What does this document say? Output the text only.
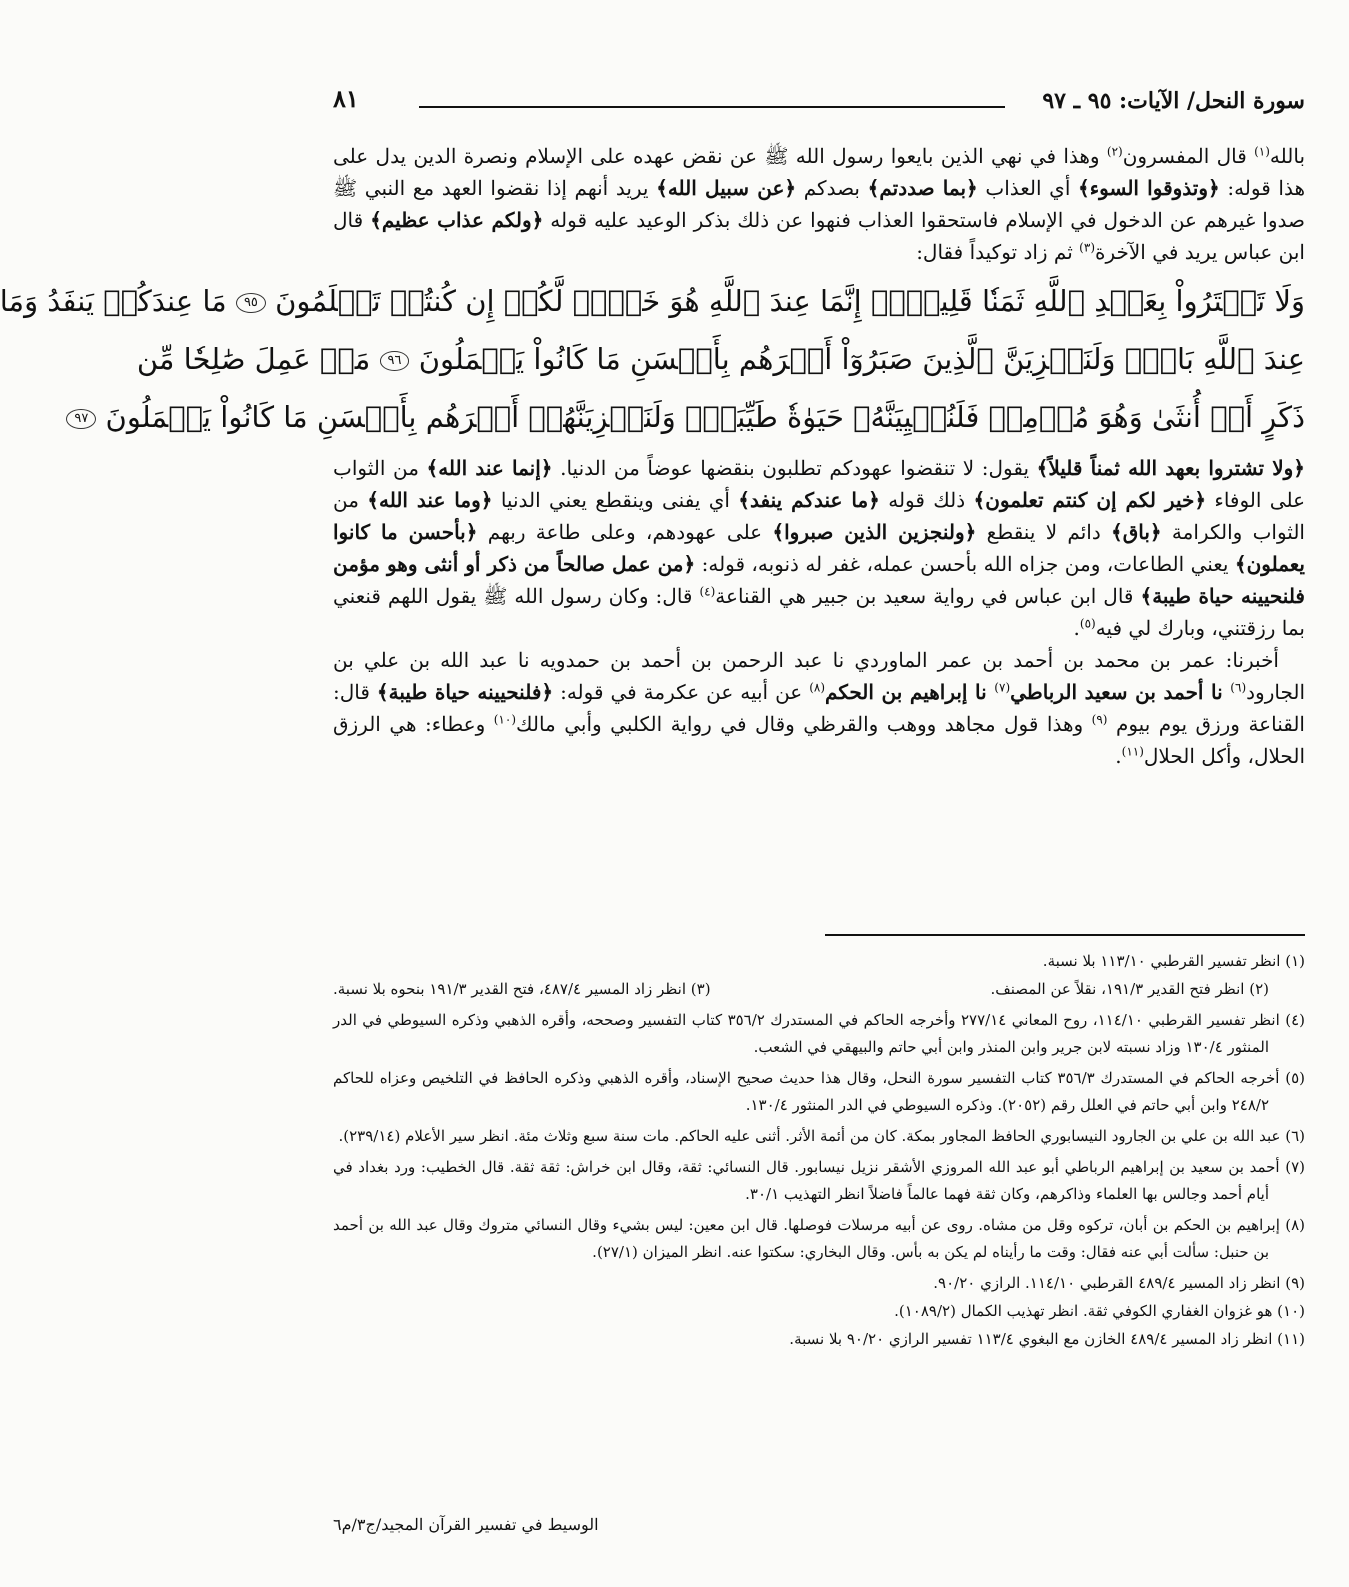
سورة النحل/ الآيات: ٩٥ ـ ٩٧
٨١

بالله$^{(١)}$ قال المفسرون$^{(٢)}$ وهذا في نهي الذين بايعوا رسول الله ﷺ عن نقض عهده على الإسلام ونصرة الدين يدل على هذا قوله: ﴿وتذوقوا السوء﴾ أي العذاب ﴿بما صددتم﴾ بصدكم ﴿عن سبيل الله﴾ يريد أنهم إذا نقضوا العهد مع النبي ﷺ صدوا غيرهم عن الدخول في الإسلام فاستحقوا العذاب فنهوا عن ذلك بذكر الوعيد عليه قوله ﴿ولكم عذاب عظيم﴾ قال ابن عباس يريد في الآخرة$^{(٣)}$ ثم زاد توكيداً فقال:

وَلَا تَشۡتَرُواْ بِعَهۡدِ ٱللَّهِ ثَمَنٗا قَلِيلًاۚ إِنَّمَا عِندَ ٱللَّهِ هُوَ خَيۡرٞ لَّكُمۡ إِن كُنتُمۡ تَعۡلَمُونَ ٩٥ مَا عِندَكُمۡ يَنفَدُ وَمَا
عِندَ ٱللَّهِ بَاقٖۗ وَلَنَجۡزِيَنَّ ٱلَّذِينَ صَبَرُوٓاْ أَجۡرَهُم بِأَحۡسَنِ مَا كَانُواْ يَعۡمَلُونَ ٩٦ مَنۡ عَمِلَ صَٰلِحٗا مِّن
ذَكَرٍ أَوۡ أُنثَىٰ وَهُوَ مُؤۡمِنٞ فَلَنُحۡيِيَنَّهُۥ حَيَوٰةٗ طَيِّبَةٗۖ وَلَنَجۡزِيَنَّهُمۡ أَجۡرَهُم بِأَحۡسَنِ مَا كَانُواْ يَعۡمَلُونَ ٩٧

﴿ولا تشتروا بعهد الله ثمناً قليلاً﴾ يقول: لا تنقضوا عهودكم تطلبون بنقضها عوضاً من الدنيا. ﴿إنما عند الله﴾ من الثواب على الوفاء ﴿خير لكم إن كنتم تعلمون﴾ ذلك قوله ﴿ما عندكم ينفد﴾ أي يفنى وينقطع يعني الدنيا ﴿وما عند الله﴾ من الثواب والكرامة ﴿باق﴾ دائم لا ينقطع ﴿ولنجزين الذين صبروا﴾ على عهودهم، وعلى طاعة ربهم ﴿بأحسن ما كانوا يعملون﴾ يعني الطاعات، ومن جزاه الله بأحسن عمله، غفر له ذنوبه، قوله: ﴿من عمل صالحاً من ذكر أو أنثى وهو مؤمن فلنحيينه حياة طيبة﴾ قال ابن عباس في رواية سعيد بن جبير هي القناعة$^{(٤)}$ قال: وكان رسول الله ﷺ يقول اللهم قنعني بما رزقتني، وبارك لي فيه$^{(٥)}$.

أخبرنا: عمر بن محمد بن أحمد بن عمر الماوردي نا عبد الرحمن بن أحمد بن حمدويه نا عبد الله بن علي بن الجارود$^{(٦)}$ نا أحمد بن سعيد الرباطي$^{(٧)}$ نا إبراهيم بن الحكم$^{(٨)}$ عن أبيه عن عكرمة في قوله: ﴿فلنحيينه حياة طيبة﴾ قال: القناعة ورزق يوم بيوم $^{(٩)}$ وهذا قول مجاهد ووهب والقرظي وقال في رواية الكلبي وأبي مالك$^{(١٠)}$ وعطاء: هي الرزق الحلال، وأكل الحلال$^{(١١)}$.

(١) انظر تفسير القرطبي ١١٣/١٠ بلا نسبة.

(٢) انظر فتح القدير ١٩١/٣، نقلاً عن المصنف.
(٣) انظر زاد المسير ٤٨٧/٤، فتح القدير ١٩١/٣ بنحوه بلا نسبة.

(٤) انظر تفسير القرطبي ١١٤/١٠، روح المعاني ٢٧٧/١٤ وأخرجه الحاكم في المستدرك ٣٥٦/٢ كتاب التفسير وصححه، وأقره الذهبي وذكره السيوطي في الدر المنثور ١٣٠/٤ وزاد نسبته لابن جرير وابن المنذر وابن أبي حاتم والبيهقي في الشعب.

(٥) أخرجه الحاكم في المستدرك ٣٥٦/٣ كتاب التفسير سورة النحل، وقال هذا حديث صحيح الإسناد، وأقره الذهبي وذكره الحافظ في التلخيص وعزاه للحاكم ٢٤٨/٢ وابن أبي حاتم في العلل رقم (٢٠٥٢). وذكره السيوطي في الدر المنثور ١٣٠/٤.

(٦) عبد الله بن علي بن الجارود النيسابوري الحافظ المجاور بمكة. كان من أئمة الأثر. أثنى عليه الحاكم. مات سنة سبع وثلاث مئة. انظر سير الأعلام (٢٣٩/١٤).

(٧) أحمد بن سعيد بن إبراهيم الرباطي أبو عبد الله المروزي الأشقر نزيل نيسابور. قال النسائي: ثقة، وقال ابن خراش: ثقة ثقة. قال الخطيب: ورد بغداد في أيام أحمد وجالس بها العلماء وذاكرهم، وكان ثقة فهما عالماً فاضلاً انظر التهذيب ٣٠/١.

(٨) إبراهيم بن الحكم بن أبان، تركوه وقل من مشاه. روى عن أبيه مرسلات فوصلها. قال ابن معين: ليس بشيء وقال النسائي متروك وقال عبد الله بن أحمد بن حنبل: سألت أبي عنه فقال: وقت ما رأيناه لم يكن به بأس. وقال البخاري: سكتوا عنه. انظر الميزان (٢٧/١).

(٩) انظر زاد المسير ٤٨٩/٤ القرطبي ١١٤/١٠. الرازي ٩٠/٢٠.

(١٠) هو غزوان الغفاري الكوفي ثقة. انظر تهذيب الكمال (١٠٨٩/٢).

(١١) انظر زاد المسير ٤٨٩/٤ الخازن مع البغوي ١١٣/٤ تفسير الرازي ٩٠/٢٠ بلا نسبة.

الوسيط في تفسير القرآن المجيد/ج٣/م٦
